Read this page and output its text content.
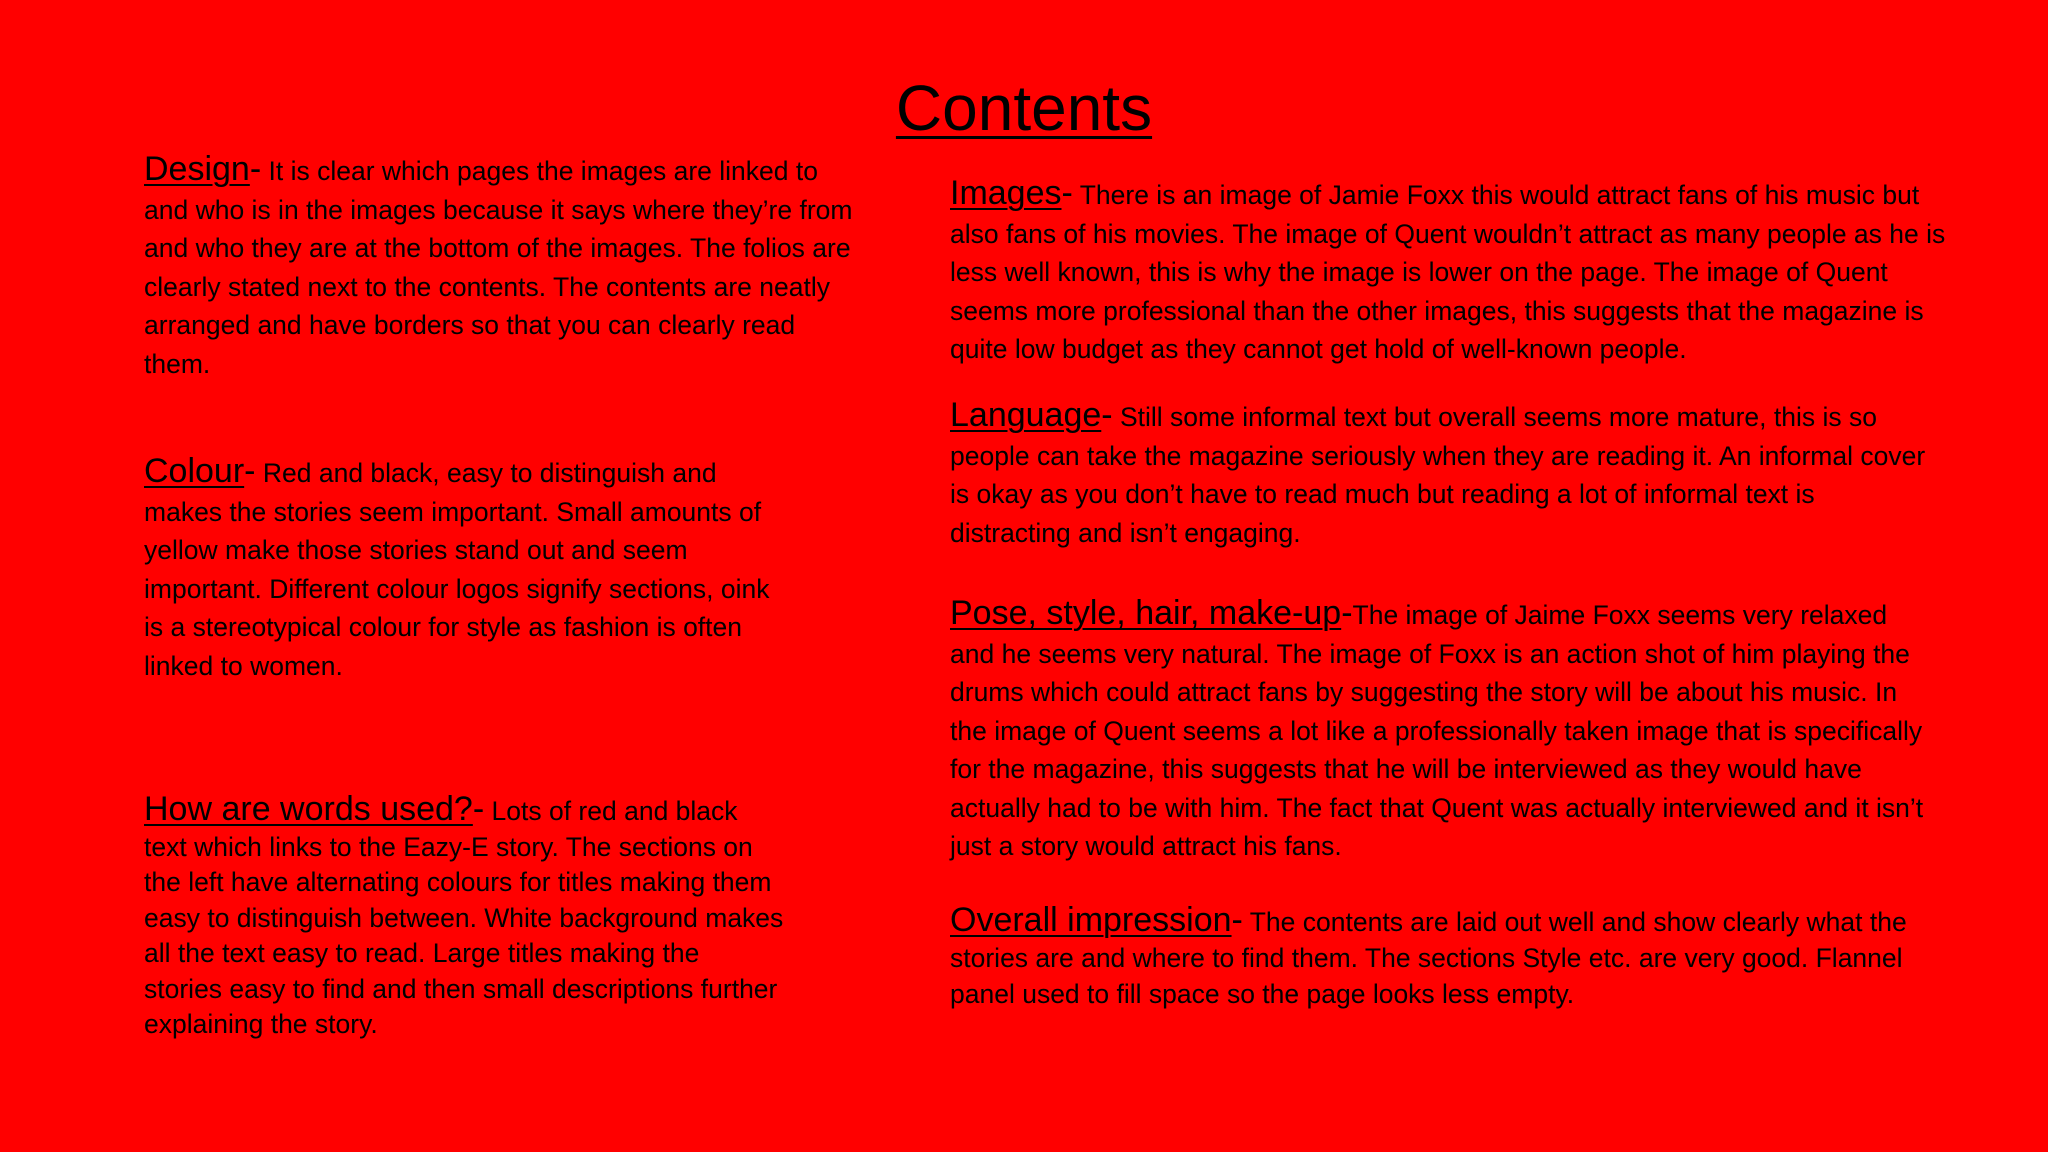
Contents

Design- It is clear which pages the images are linked to and who is in the images because it says where they’re from and who they are at the bottom of the images. The folios are clearly stated next to the contents. The contents are neatly arranged and have borders so that you can clearly read them.

Colour- Red and black, easy to distinguish and makes the stories seem important. Small amounts of yellow make those stories stand out and seem important. Different colour logos signify sections, oink is a stereotypical colour for style as fashion is often linked to women.

How are words used?- Lots of red and black text which links to the Eazy-E story. The sections on the left have alternating colours for titles making them easy to distinguish between. White background makes all the text easy to read. Large titles making the stories easy to find and then small descriptions further explaining the story.

Images- There is an image of Jamie Foxx this would attract fans of his music but also fans of his movies. The image of Quent wouldn’t attract as many people as he is less well known, this is why the image is lower on the page. The image of Quent seems more professional than the other images, this suggests that the magazine is quite low budget as they cannot get hold of well-known people.

Language- Still some informal text but overall seems more mature, this is so people can take the magazine seriously when they are reading it. An informal cover is okay as you don’t have to read much but reading a lot of informal text is distracting and isn’t engaging.

Pose, style, hair, make-up-The image of Jaime Foxx seems very relaxed and he seems very natural. The image of Foxx is an action shot of him playing the drums which could attract fans by suggesting the story will be about his music. In the image of Quent seems a lot like a professionally taken image that is specifically for the magazine, this suggests that he will be interviewed as they would have actually had to be with him. The fact that Quent was actually interviewed and it isn’t just a story would attract his fans.

Overall impression- The contents are laid out well and show clearly what the stories are and where to find them. The sections Style etc. are very good. Flannel panel used to fill space so the page looks less empty.
